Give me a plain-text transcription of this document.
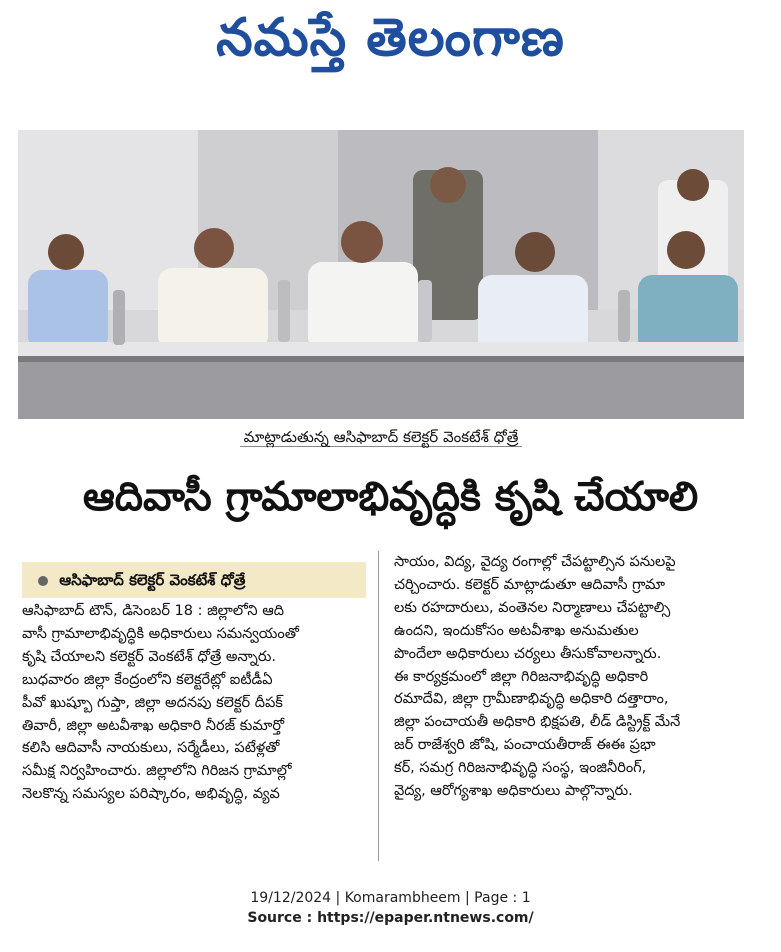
నమస్తే తెలంగాణ
మాట్లాడుతున్న ఆసిఫాబాద్ కలెక్టర్ వెంకటేశ్ ధోత్రే
ఆదివాసీ గ్రామాలాభివృద్ధికి కృషి చేయాలి
ఆసిఫాబాద్ కలెక్టర్ వెంకటేశ్ ధోత్రే
ఆసిఫాబాద్ టౌన్, డిసెంబర్ 18 : జిల్లాలోని ఆది
వాసీ గ్రామాలాభివృద్ధికి అధికారులు సమన్వయంతో
కృషి చేయాలని కలెక్టర్ వెంకటేశ్ ధోత్రే అన్నారు.
బుధవారం జిల్లా కేంద్రంలోని కలెక్టరేట్లో ఐటీడీఏ
పీవో ఖుష్బూ గుప్తా, జిల్లా అదనపు కలెక్టర్ దీపక్
తివారీ, జిల్లా అటవీశాఖ అధికారి నీరజ్ కుమార్తో
కలిసి ఆదివాసీ నాయకులు, సర్మేడీలు, పటేళ్లతో
సమీక్ష నిర్వహించారు. జిల్లాలోని గిరిజన గ్రామాల్లో
నెలకొన్న సమస్యల పరిష్కారం, అభివృద్ధి, వ్యవ
సాయం, విద్య, వైద్య రంగాల్లో చేపట్టాల్సిన పనులపై
చర్చించారు. కలెక్టర్ మాట్లాడుతూ ఆదివాసీ గ్రామా
లకు రహదారులు, వంతెనల నిర్మాణాలు చేపట్టాల్సి
ఉందని, ఇందుకోసం అటవీశాఖ అనుమతుల
పొందేలా అధికారులు చర్యలు తీసుకోవాలన్నారు.
ఈ కార్యక్రమంలో జిల్లా గిరిజనాభివృద్ధి అధికారి
రమాదేవి, జిల్లా గ్రామీణాభివృద్ధి అధికారి దత్తారాం,
జిల్లా పంచాయతీ అధికారి భిక్షపతి, లీడ్ డిస్ట్రిక్ట్ మేనే
జర్ రాజేశ్వరి జోషి, పంచాయతీరాజ్ ఈఈ ప్రభా
కర్, సమగ్ర గిరిజనాభివృద్ధి సంస్థ, ఇంజినీరింగ్,
వైద్య, ఆరోగ్యశాఖ అధికారులు పాల్గొన్నారు.
19/12/2024 | Komarambheem | Page : 1
Source : https://epaper.ntnews.com/
